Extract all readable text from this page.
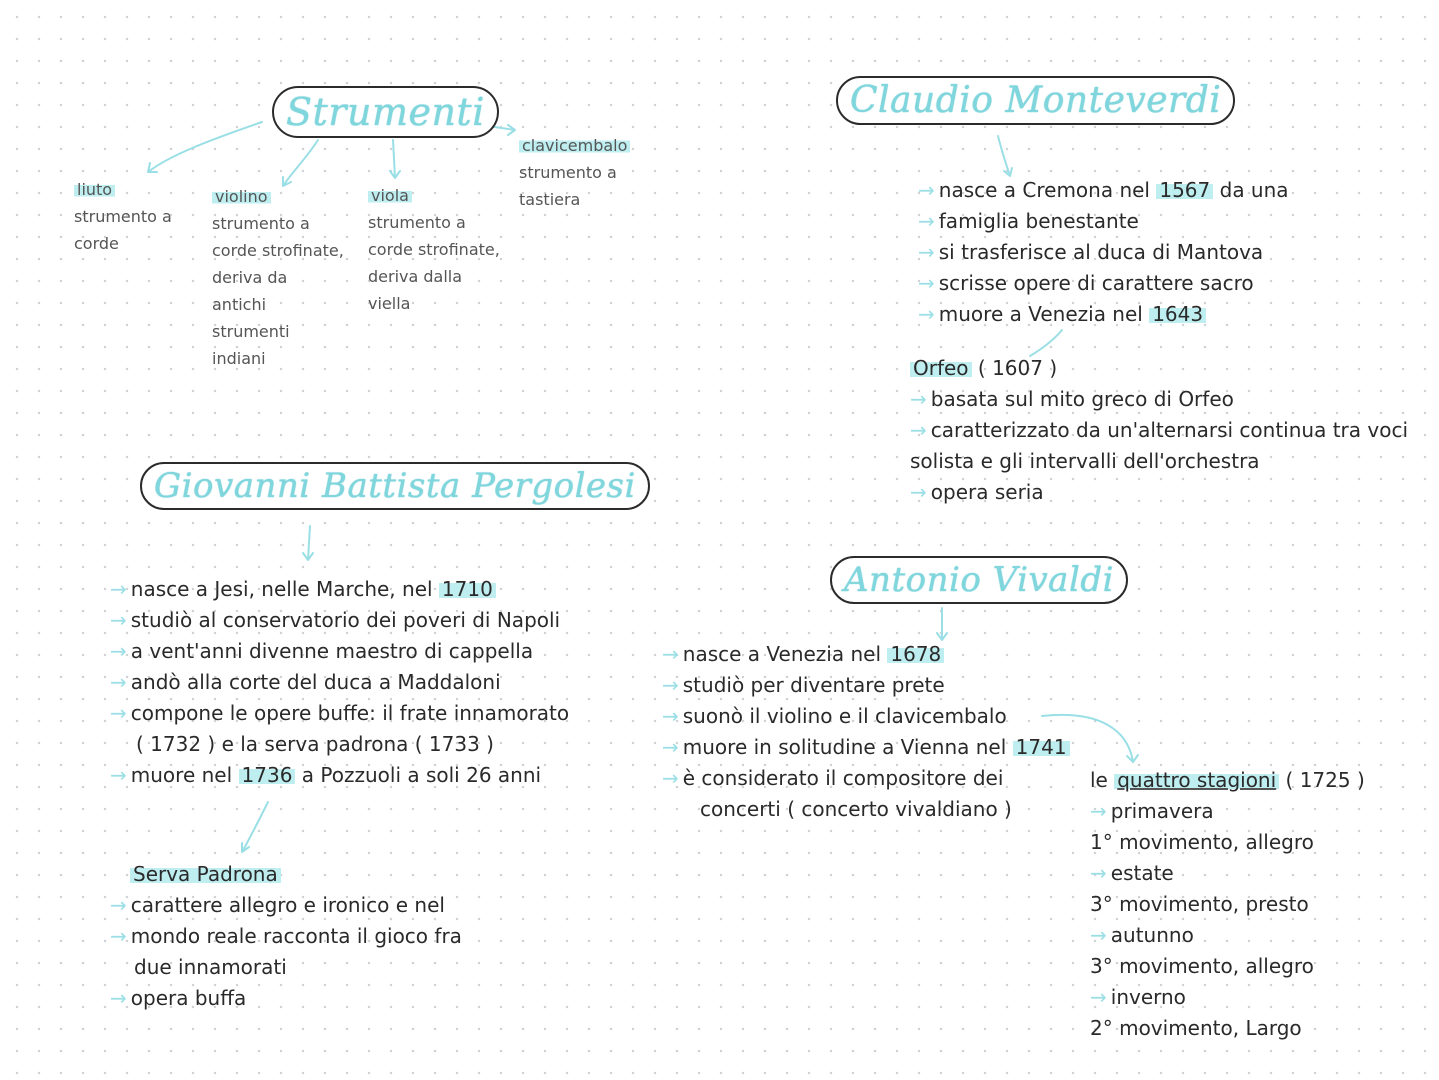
Strumenti
liuto
strumento a
corde
violino
strumento a
corde strofinate,
deriva da
antichi
strumenti
indiani
viola
strumento a
corde strofinate,
deriva dalla
viella
clavicembalo
strumento a
tastiera
Claudio Monteverdi
→ nasce a Cremona nel 1567 da una
→ famiglia benestante
→ si trasferisce al duca di Mantova
→ scrisse opere di carattere sacro
→ muore a Venezia nel 1643
Orfeo ( 1607 )
→ basata sul mito greco di Orfeo
→ caratterizzato da un'alternarsi continua tra voci
solista e gli intervalli dell'orchestra
→ opera seria
Giovanni Battista Pergolesi
→ nasce a Jesi, nelle Marche, nel 1710
→ studiò al conservatorio dei poveri di Napoli
→ a vent'anni divenne maestro di cappella
→ andò alla corte del duca a Maddaloni
→ compone le opere buffe: il frate innamorato
( 1732 ) e la serva padrona ( 1733 )
→ muore nel 1736 a Pozzuoli a soli 26 anni
Serva Padrona
→ carattere allegro e ironico e nel
→ mondo reale racconta il gioco fra
due innamorati
→ opera buffa
Antonio Vivaldi
→ nasce a Venezia nel 1678
→ studiò per diventare prete
→ suonò il violino e il clavicembalo
→ muore in solitudine a Vienna nel 1741
→ è considerato il compositore dei
concerti ( concerto vivaldiano )
le quattro stagioni ( 1725 )
→ primavera
1° movimento, allegro
→ estate
3° movimento, presto
→ autunno
3° movimento, allegro
→ inverno
2° movimento, Largo
